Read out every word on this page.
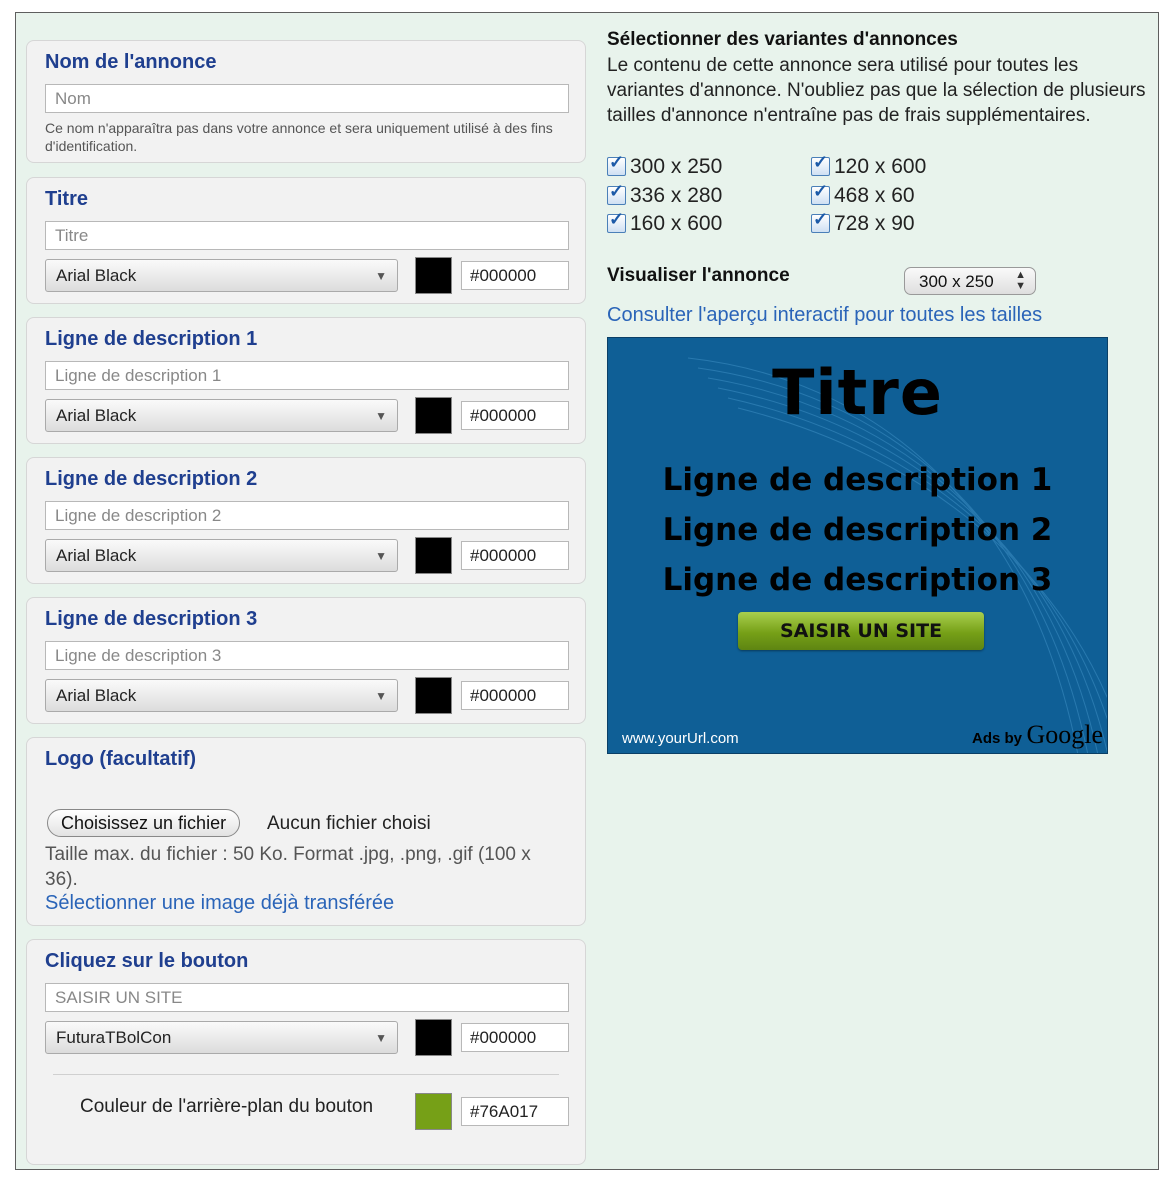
Nom de l'annonce
Nom
Ce nom n'apparaîtra pas dans votre annonce et sera uniquement utilisé à des fins d'identification.
Titre
Titre
Arial Black	▼	#000000
Ligne de description 1
Ligne de description 1
Arial Black	▼	#000000
Ligne de description 2
Ligne de description 2
Arial Black	▼	#000000
Ligne de description 3
Ligne de description 3
Arial Black	▼	#000000
Logo (facultatif)
Choisissez un fichier	Aucun fichier choisi
Taille max. du fichier : 50 Ko. Format .jpg, .png, .gif (100 x 36).
Sélectionner une image déjà transférée
Cliquez sur le bouton
SAISIR UN SITE
FuturaTBolCon	▼	#000000
Couleur de l'arrière-plan du bouton	#76A017
Sélectionner des variantes d'annonces
Le contenu de cette annonce sera utilisé pour toutes les variantes d'annonce. N'oubliez pas que la sélection de plusieurs tailles d'annonce n'entraîne pas de frais supplémentaires.
✓ 300 x 250	✓ 120 x 600
✓ 336 x 280	✓ 468 x 60
✓ 160 x 600	✓ 728 x 90
Visualiser l'annonce	300 x 250 ▲
▼
Consulter l'aperçu interactif pour toutes les tailles
Titre
Ligne de description 1
Ligne de description 2
Ligne de description 3
SAISIR UN SITE
www.yourUrl.com	Ads by Google
